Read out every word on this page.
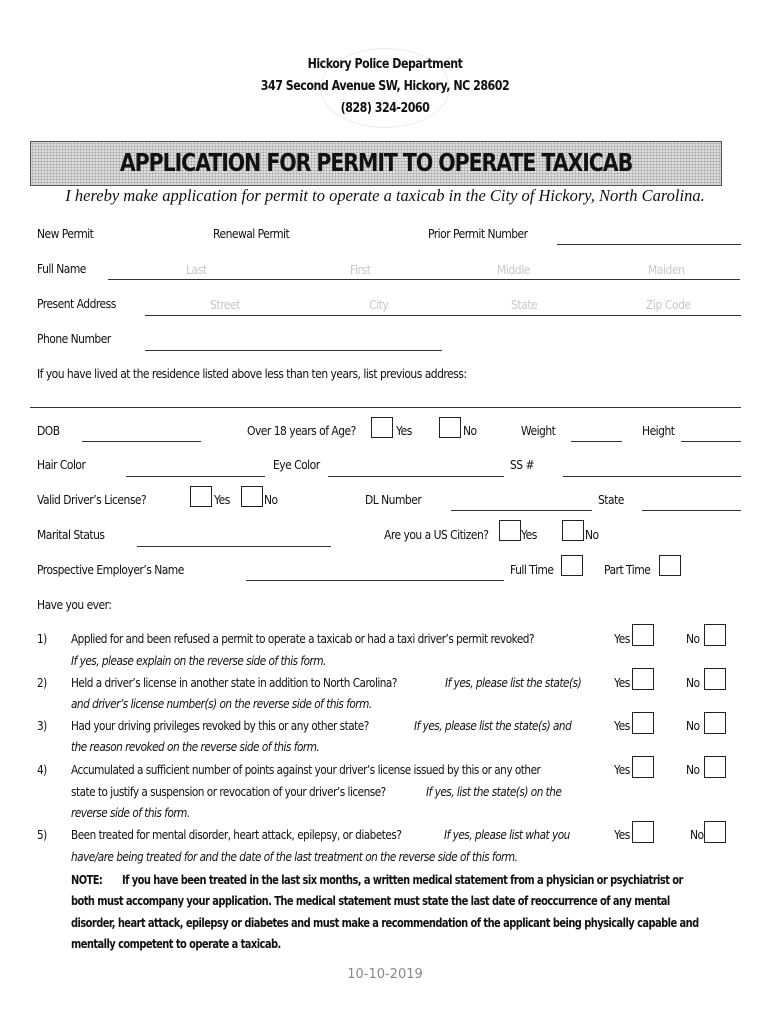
Hickory Police Department
347 Second Avenue SW, Hickory, NC 28602
(828) 324-2060
APPLICATION FOR PERMIT TO OPERATE TAXICAB
I hereby make application for permit to operate a taxicab in the City of Hickory, North Carolina.
New Permit	Renewal Permit	Prior Permit Number
Full Name	Last	First	Middle	Maiden
Present Address	Street	City	State	Zip Code
Phone Number
If you have lived at the residence listed above less than ten years, list previous address:
DOB	Over 18 years of Age?	Yes	No	Weight	Height
Hair Color	Eye Color	SS #
Valid Driver’s License?	Yes	No	DL Number	State
Marital Status	Are you a US Citizen?	Yes	No
Prospective Employer’s Name	Full Time	Part Time
Have you ever:
1) Applied for and been refused a permit to operate a taxicab or had a taxi driver’s permit revoked?
If yes, please explain on the reverse side of this form.
Yes	No
2) Held a driver’s license in another state in addition to North Carolina?	If yes, please list the state(s)
and driver’s license number(s) on the reverse side of this form.
Yes	No
3) Had your driving privileges revoked by this or any other state?	If yes, please list the state(s) and
the reason revoked on the reverse side of this form.
Yes	No
4) Accumulated a sufficient number of points against your driver’s license issued by this or any other
state to justify a suspension or revocation of your driver’s license?	If yes, list the state(s) on the
reverse side of this form.
Yes	No
5) Been treated for mental disorder, heart attack, epilepsy, or diabetes?	If yes, please list what you
have/are being treated for and the date of the last treatment on the reverse side of this form.
Yes	No
NOTE: If you have been treated in the last six months, a written medical statement from a physician or psychiatrist or
both must accompany your application. The medical statement must state the last date of reoccurrence of any mental
disorder, heart attack, epilepsy or diabetes and must make a recommendation of the applicant being physically capable and
mentally competent to operate a taxicab.
10-10-2019
